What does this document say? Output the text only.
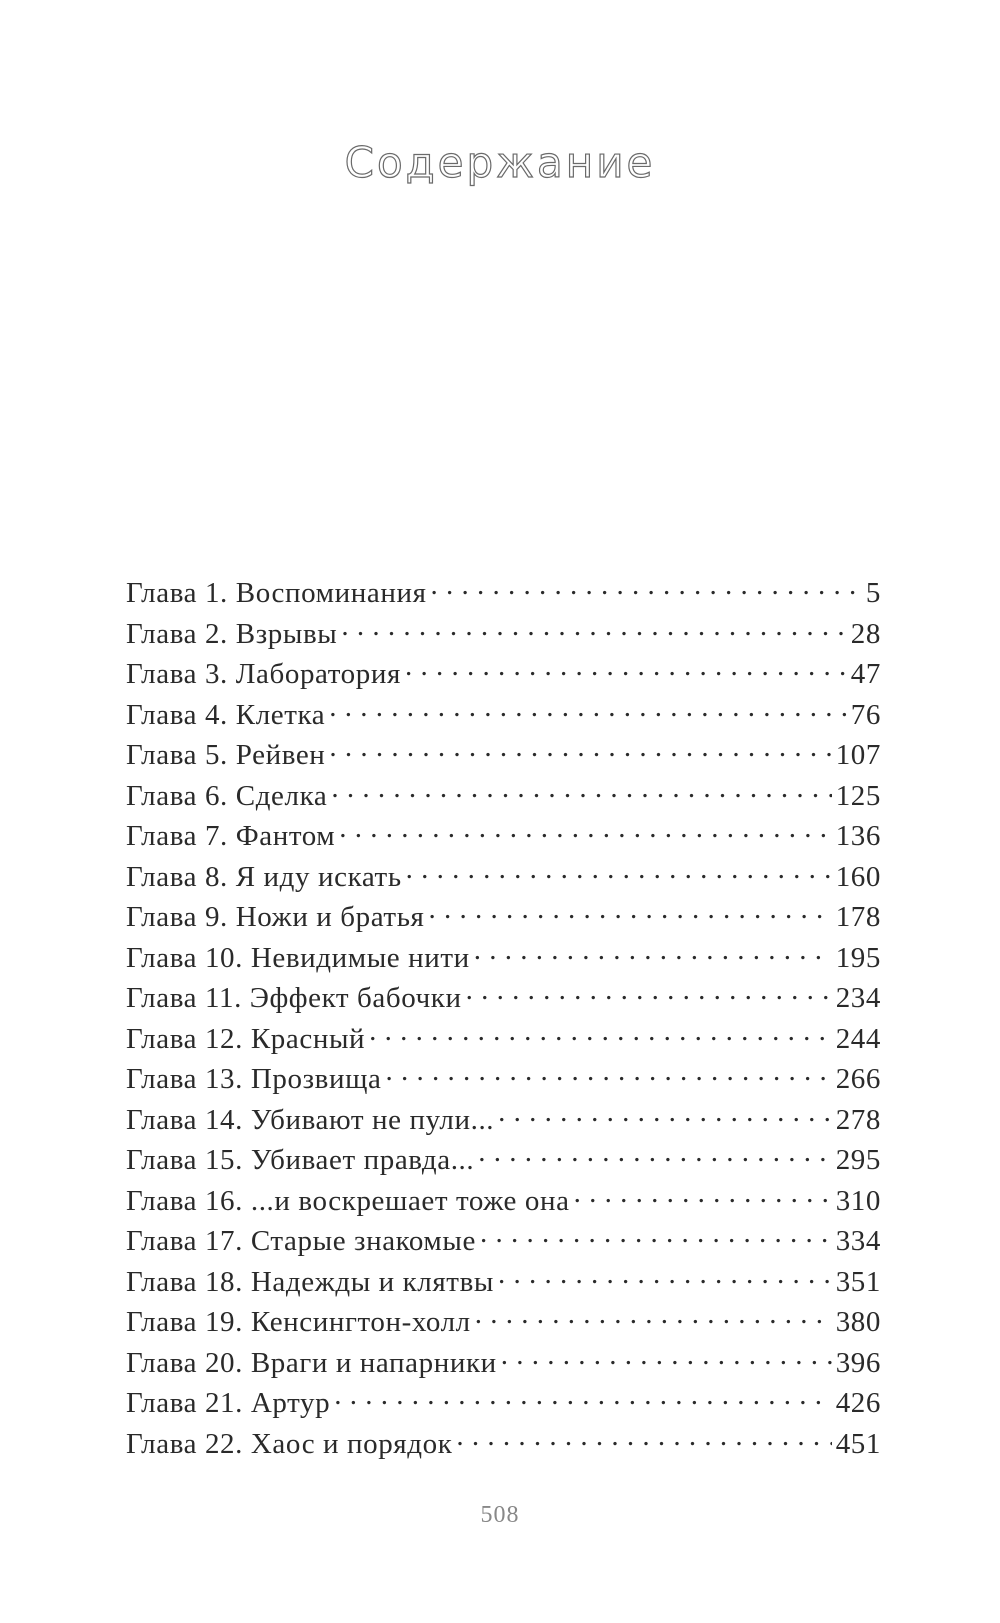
Содержание
Глава 1. Воспоминания . . .	5
Глава 2. Взрывы . . .	28
Глава 3. Лаборатория . . .	47
Глава 4. Клетка . . .	76
Глава 5. Рейвен . . .	107
Глава 6. Сделка . . .	125
Глава 7. Фантом . . .	136
Глава 8. Я иду искать . . .	160
Глава 9. Ножи и братья . . .	178
Глава 10. Невидимые нити . . .	195
Глава 11. Эффект бабочки . . .	234
Глава 12. Красный . . .	244
Глава 13. Прозвища . . .	266
Глава 14. Убивают не пули... . . .	278
Глава 15. Убивает правда... . . .	295
Глава 16. ...и воскрешает тоже она . . .	310
Глава 17. Старые знакомые . . .	334
Глава 18. Надежды и клятвы . . .	351
Глава 19. Кенсингтон-холл . . .	380
Глава 20. Враги и напарники . . .	396
Глава 21. Артур . . .	426
Глава 22. Хаос и порядок . . .	451
508
